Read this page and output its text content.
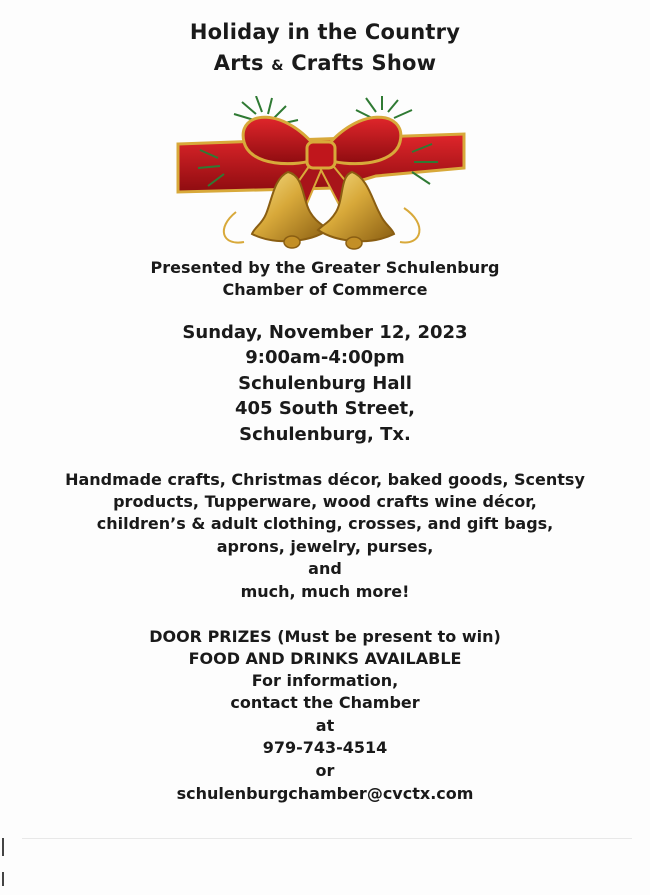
Holiday in the Country
Arts & Crafts Show
Presented by the Greater Schulenburg
Chamber of Commerce
Sunday, November 12, 2023
9:00am-4:00pm
Schulenburg Hall
405 South Street,
Schulenburg, Tx.
Handmade crafts, Christmas décor, baked goods, Scentsy
products, Tupperware, wood crafts wine décor,
children’s & adult clothing, crosses, and gift bags,
aprons, jewelry, purses,
and
much, much more!
DOOR PRIZES (Must be present to win)
FOOD AND DRINKS AVAILABLE
For information,
contact the Chamber
at
979-743-4514
or
schulenburgchamber@cvctx.com
